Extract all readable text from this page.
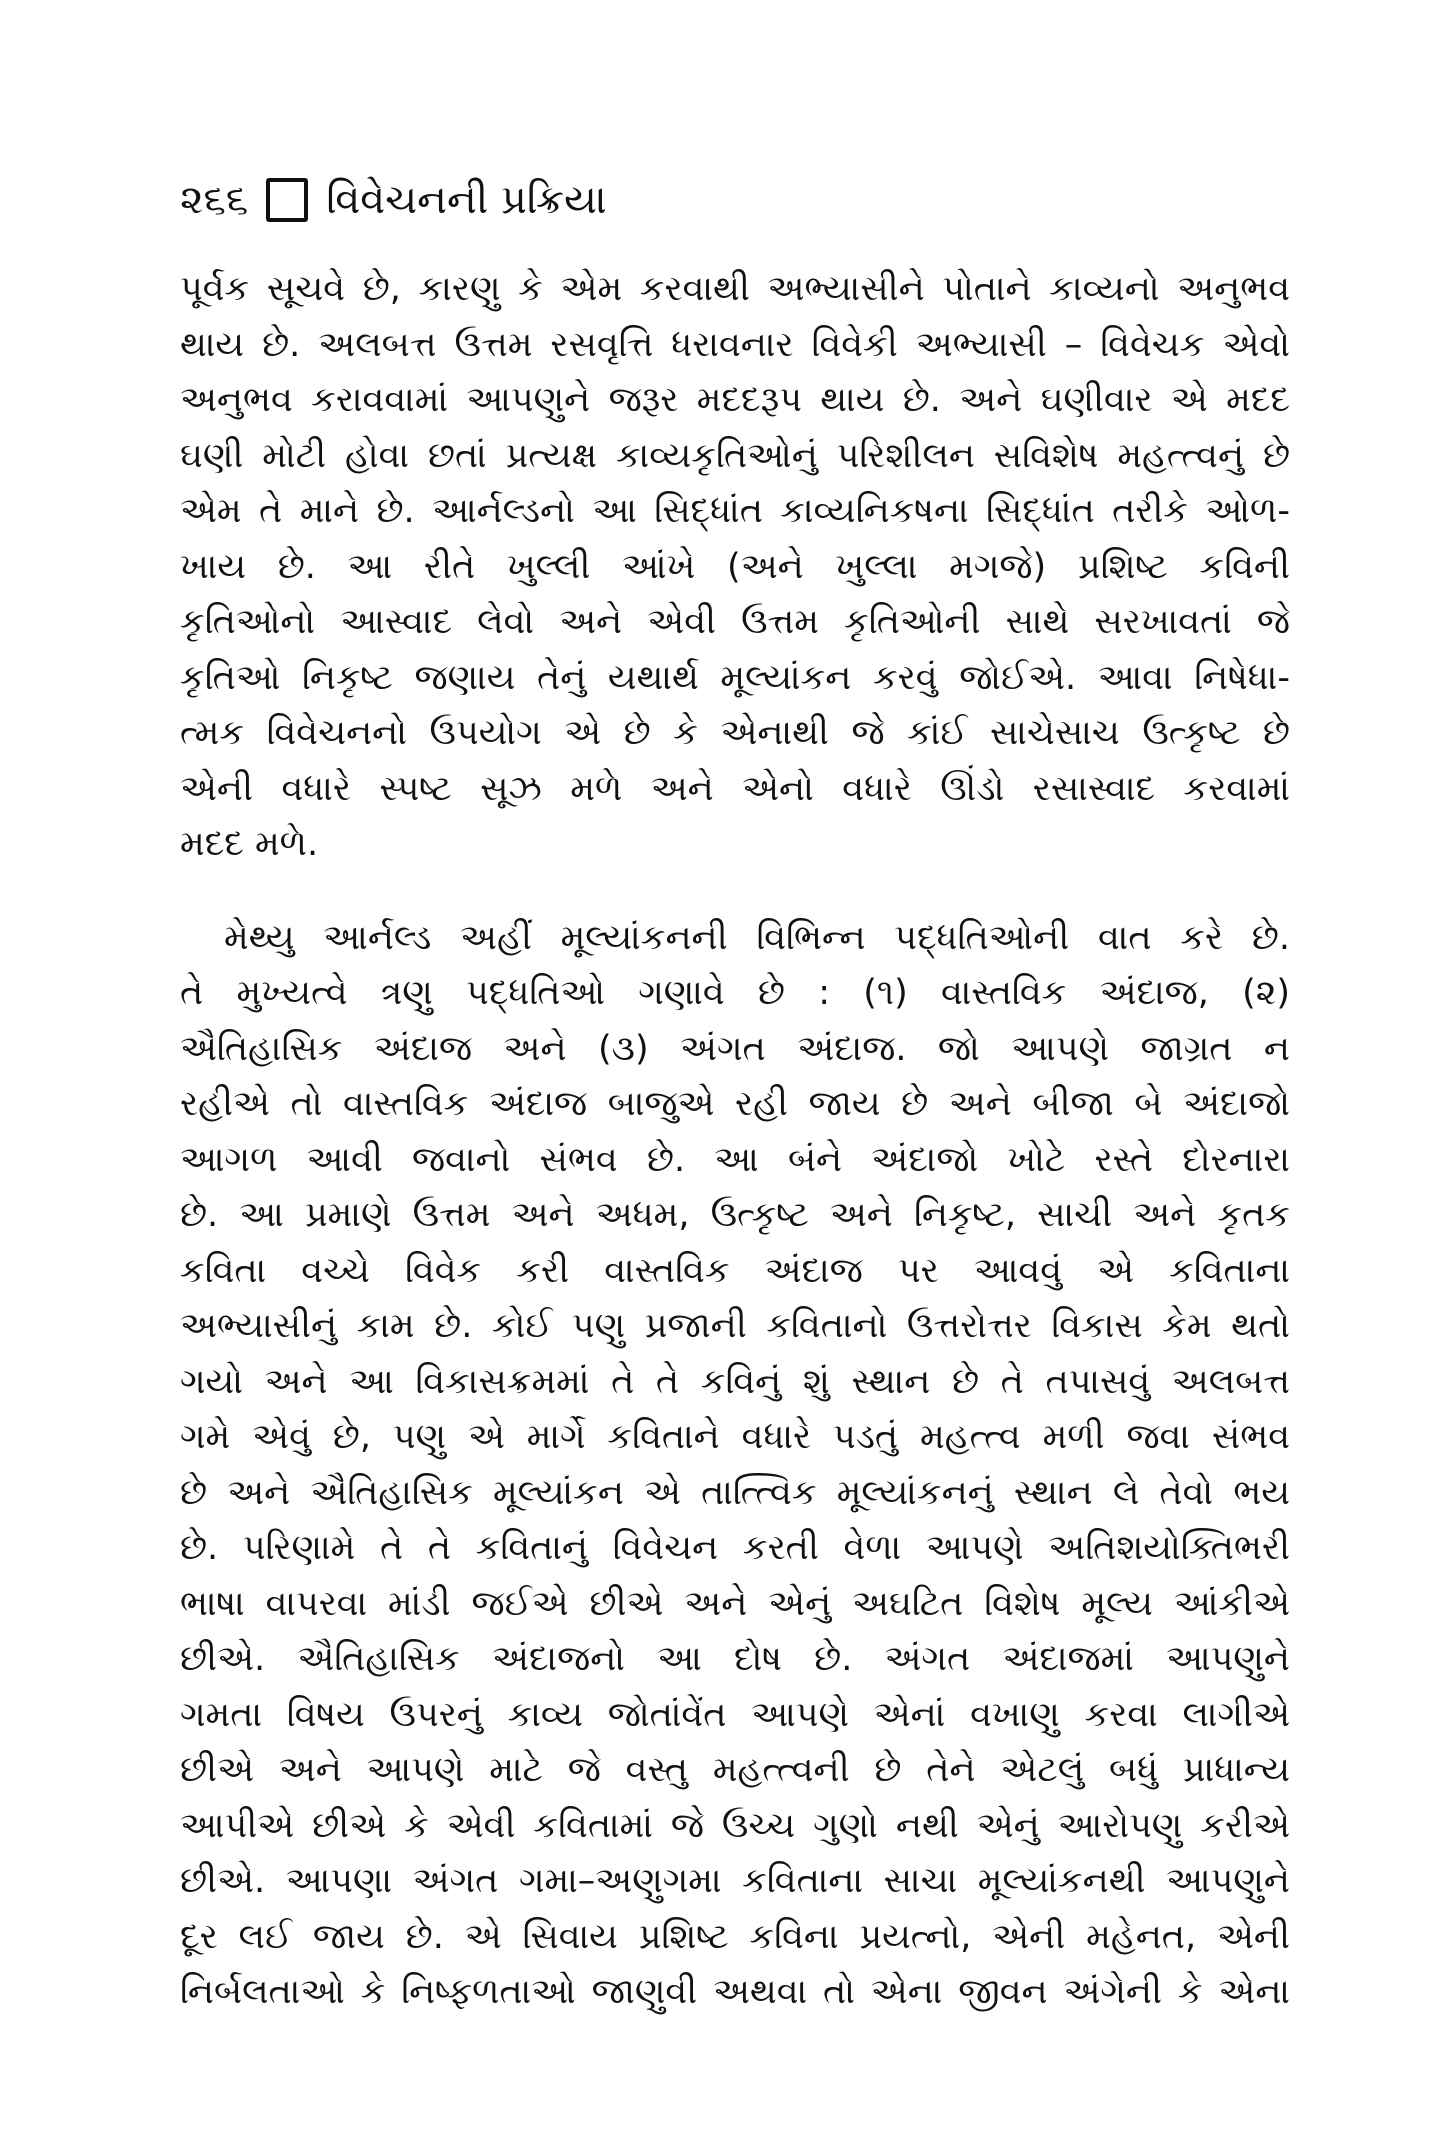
૨૬૬ વિવેચનની પ્રક્રિયા

પૂર્વક સૂચવે છે, કારણુ કે એમ કરવાથી અભ્યાસીને પોતાને કાવ્યનો અનુભવ
થાય છે. અલબત્ત ઉત્તમ રસવૃત્તિ ધરાવનાર વિવેકી અભ્યાસી – વિવેચક એવો
અનુભવ કરાવવામાં આપણુને જરૂર મદદરૂપ થાય છે. અને ઘણીવાર એ મદદ
ઘણી મોટી હોવા છતાં પ્રત્યક્ષ કાવ્યકૃતિઓનું પરિશીલન સવિશેષ મહત્ત્વનું છે
એમ તે માને છે. આર્નલ્ડનો આ સિદ્ધાંત કાવ્યનિકષના સિદ્ધાંત તરીકે ઓળ-
ખાય છે. આ રીતે ખુલ્લી આંખે (અને ખુલ્લા મગજે) પ્રશિષ્ટ કવિની
કૃતિઓનો આસ્વાદ લેવો અને એવી ઉત્તમ કૃતિઓની સાથે સરખાવતાં જે
કૃતિઓ નિકૃષ્ટ જણાય તેનું યથાર્થ મૂલ્યાંકન કરવું જોઈએ. આવા નિષેધા-
ત્મક વિવેચનનો ઉપયોગ એ છે કે એનાથી જે કાંઈ સાચેસાચ ઉત્કૃષ્ટ છે
એની વધારે સ્પષ્ટ સૂઝ મળે અને એનો વધારે ઊંડો રસાસ્વાદ કરવામાં
મદદ મળે.

મેથ્યુ આર્નલ્ડ અહીં મૂલ્યાંકનની વિભિન્ન પદ્ધતિઓની વાત કરે છે.
તે મુખ્યત્વે ત્રણુ પદ્ધતિઓ ગણાવે છે : (૧) વાસ્તવિક અંદાજ, (૨)
ઐતિહાસિક અંદાજ અને (૩) અંગત અંદાજ. જો આપણે જાગ્રત ન
રહીએ તો વાસ્તવિક અંદાજ બાજુએ રહી જાય છે અને બીજા બે અંદાજો
આગળ આવી જવાનો સંભવ છે. આ બંને અંદાજો ખોટે રસ્તે દોરનારા
છે. આ પ્રમાણે ઉત્તમ અને અધમ, ઉત્કૃષ્ટ અને નિકૃષ્ટ, સાચી અને કૃતક
કવિતા વચ્ચે વિવેક કરી વાસ્તવિક અંદાજ પર આવવું એ કવિતાના
અભ્યાસીનું કામ છે. કોઈ પણુ પ્રજાની કવિતાનો ઉત્તરોત્તર વિકાસ કેમ થતો
ગયો અને આ વિકાસક્રમમાં તે તે કવિનું શું સ્થાન છે તે તપાસવું અલબત્ત
ગમે એવું છે, પણુ એ માર્ગે કવિતાને વધારે પડતું મહત્ત્વ મળી જવા સંભવ
છે અને ઐતિહાસિક મૂલ્યાંકન એ તાત્ત્વિક મૂલ્યાંકનનું સ્થાન લે તેવો ભય
છે. પરિણામે તે તે કવિતાનું વિવેચન કરતી વેળા આપણે અતિશયોક્તિભરી
ભાષા વાપરવા માંડી જઈએ છીએ અને એનું અઘટિત વિશેષ મૂલ્ય આંકીએ
છીએ. ઐતિહાસિક અંદાજનો આ દોષ છે. અંગત અંદાજમાં આપણુને
ગમતા વિષય ઉપરનું કાવ્ય જોતાંવેંત આપણે એનાં વખાણુ કરવા લાગીએ
છીએ અને આપણે માટે જે વસ્તુ મહત્ત્વની છે તેને એટલું બધું પ્રાધાન્ય
આપીએ છીએ કે એવી કવિતામાં જે ઉચ્ચ ગુણો નથી એનું આરોપણુ કરીએ
છીએ. આપણા અંગત ગમા–અણુગમા કવિતાના સાચા મૂલ્યાંકનથી આપણુને
દૂર લઈ જાય છે. એ સિવાય પ્રશિષ્ટ કવિના પ્રયત્નો, એની મહેનત, એની
નિર્બલતાઓ કે નિષ્ફળતાઓ જાણુવી અથવા તો એના જીવન અંગેની કે એના
